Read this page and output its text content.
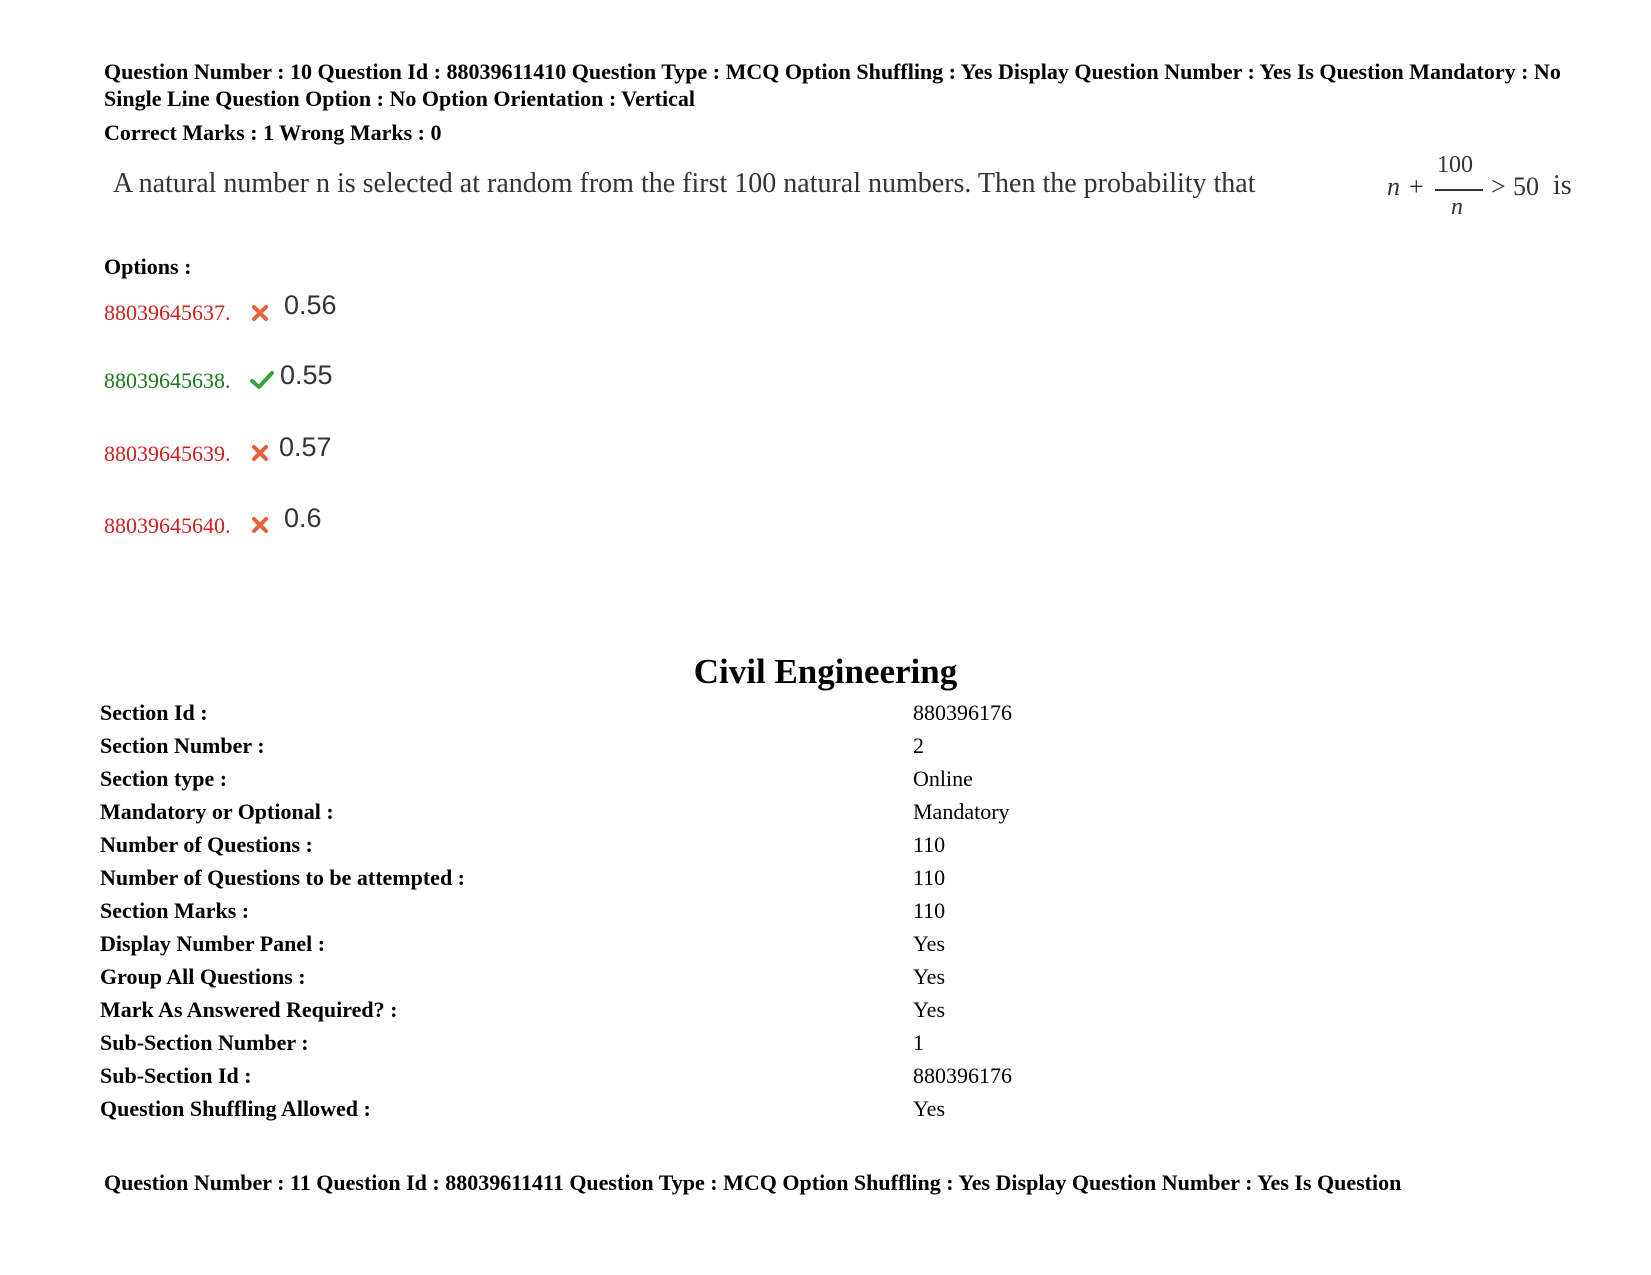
Question Number : 10 Question Id : 88039611410 Question Type : MCQ Option Shuffling : Yes Display Question Number : Yes Is Question Mandatory : No Single Line Question Option : No Option Orientation : Vertical
Correct Marks : 1 Wrong Marks : 0
A natural number n is selected at random from the first 100 natural numbers. Then the probability that	n +
100
n
> 50 is
Options :
88039645637. 0.56
88039645638. 0.55
88039645639. 0.57
88039645640. 0.6
Civil Engineering
Section Id :	880396176
Section Number :	2
Section type :	Online
Mandatory or Optional :	Mandatory
Number of Questions :	110
Number of Questions to be attempted :	110
Section Marks :	110
Display Number Panel :	Yes
Group All Questions :	Yes
Mark As Answered Required? :	Yes
Sub-Section Number :	1
Sub-Section Id :	880396176
Question Shuffling Allowed :	Yes
Question Number : 11 Question Id : 88039611411 Question Type : MCQ Option Shuffling : Yes Display Question Number : Yes Is Question
